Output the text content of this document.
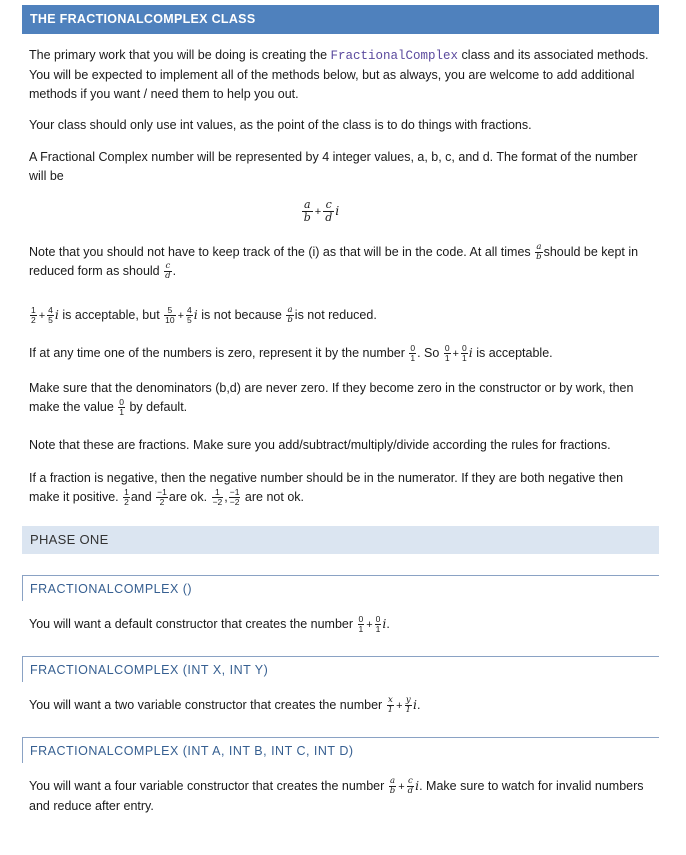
THE FRACTIONALCOMPLEX CLASS
The primary work that you will be doing is creating the FractionalComplex class and its associated methods. You will be expected to implement all of the methods below, but as always, you are welcome to add additional methods if you want / need them to help you out.
Your class should only use int values, as the point of the class is to do things with fractions.
A Fractional Complex number will be represented by 4 integer values, a, b, c, and d. The format of the number will be
$\frac{a}{b} + \frac{c}{d}$ i
Note that you should not have to keep track of the (i) as that will be in the code. At all times $\frac{a}{b}$ should be kept in reduced form as should $\frac{c}{d}$ .
$\frac{1}{2} + \frac{4}{5}$ i is acceptable, but $\frac{5}{10} + \frac{4}{5}$ i is not because $\frac{a}{b}$ is not reduced.
If at any time one of the numbers is zero, represent it by the number $\frac{0}{1}$ . So $\frac{0}{1} + \frac{0}{1}$ i is acceptable.
Make sure that the denominators (b,d) are never zero. If they become zero in the constructor or by work, then make the value $\frac{0}{1}$ by default.
Note that these are fractions. Make sure you add/subtract/multiply/divide according the rules for fractions.
If a fraction is negative, then the negative number should be in the numerator. If they are both negative then make it positive. $\frac{1}{2}$ and $\frac{-1}{2}$ are ok. $\frac{1}{-2}$ , $\frac{-1}{-2}$ are not ok.
PHASE ONE
FRACTIONALCOMPLEX ()
You will want a default constructor that creates the number $\frac{0}{1} + \frac{0}{1} i$.
FRACTIONALCOMPLEX (INT X, INT Y)
You will want a two variable constructor that creates the number $\frac{x}{1} + \frac{y}{1} i$.
FRACTIONALCOMPLEX (INT A, INT B, INT C, INT D)
You will want a four variable constructor that creates the number $\frac{a}{b} + \frac{c}{d} i$. Make sure to watch for invalid numbers and reduce after entry.
